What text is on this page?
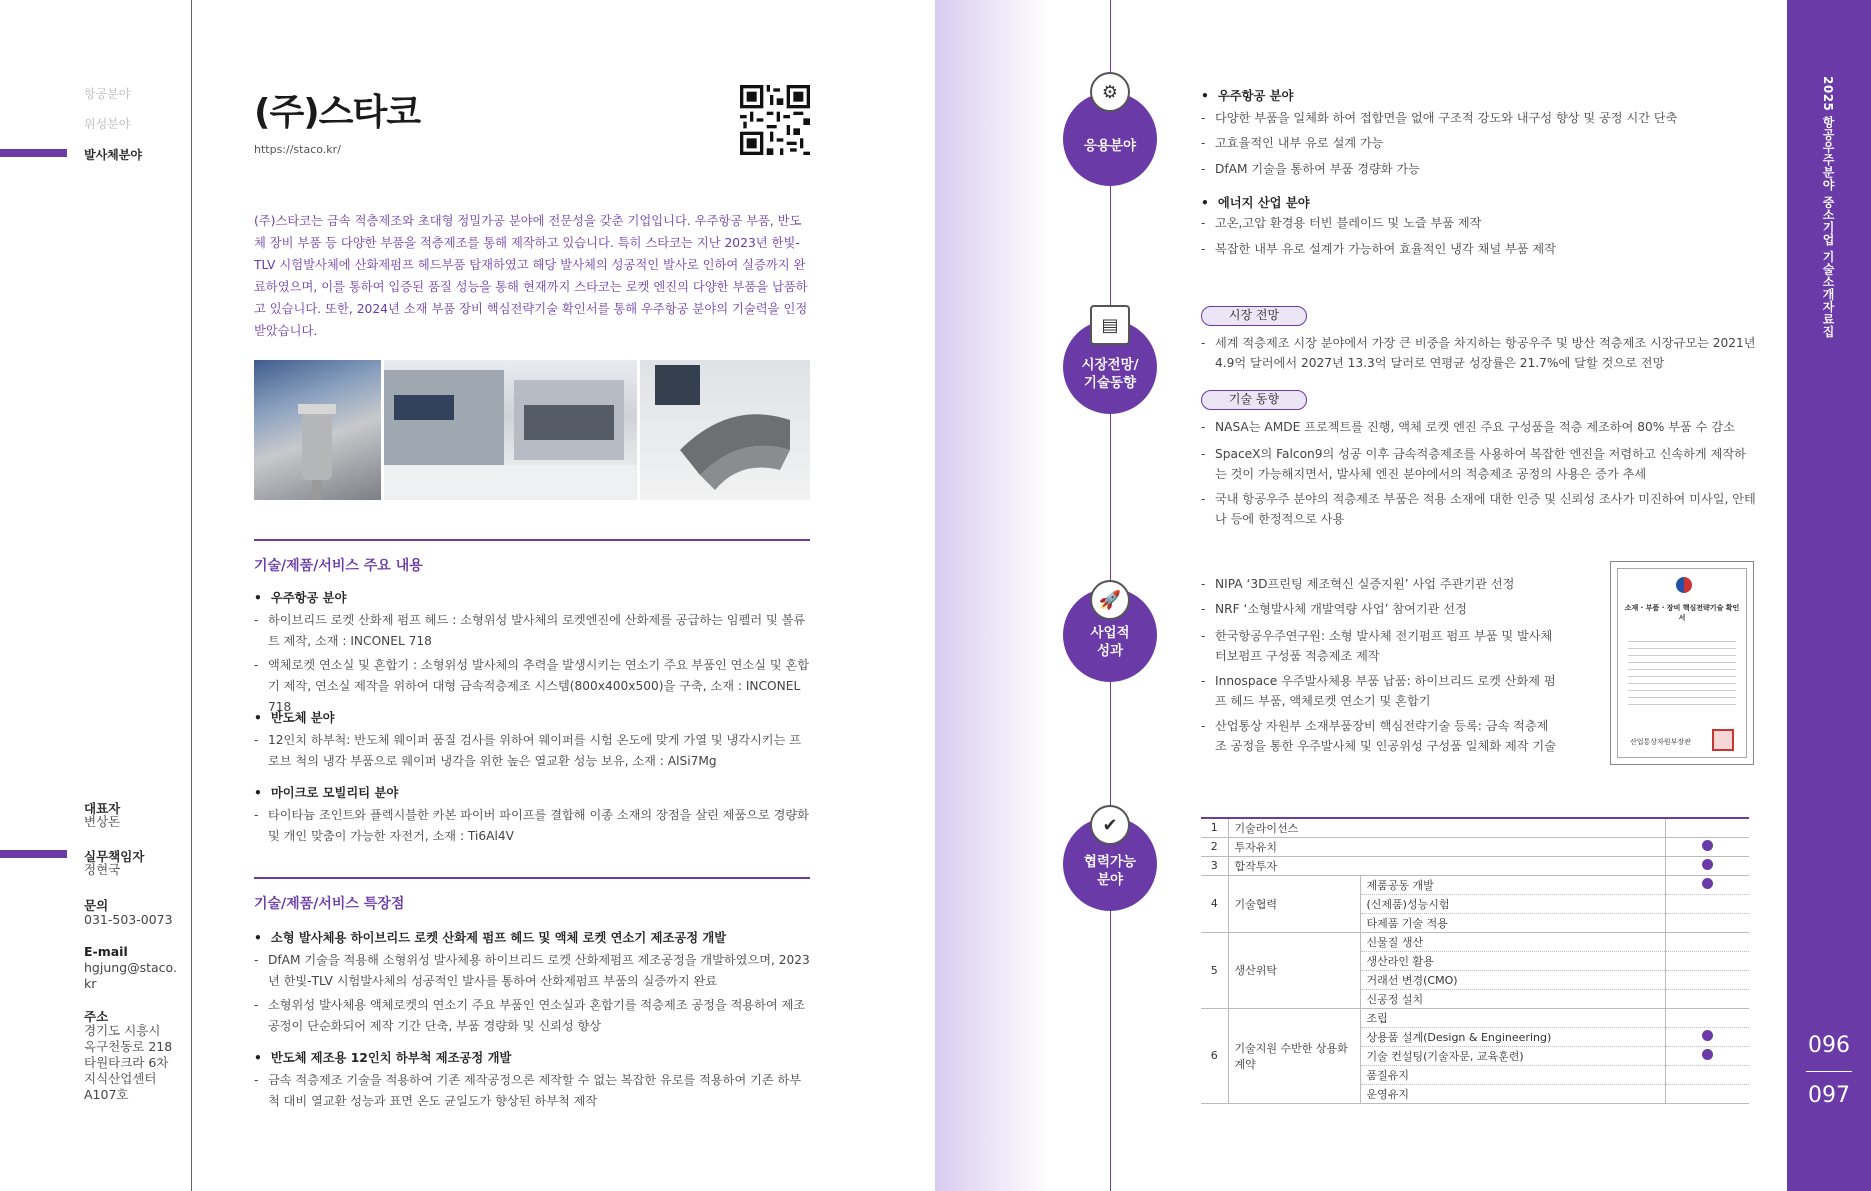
항공분야
위성분야
발사체분야
대표자
변상돈
실무책임자
정현국
문의
031-503-0073
E-mail
hgjung@staco.kr
주소
경기도 시흥시 옥구천동로 218 타원타크라 6차 지식산업센터 A107호
(주)스타코
https://staco.kr/
(주)스타코는 금속 적층제조와 초대형 정밀가공 분야에 전문성을 갖춘 기업입니다. 우주항공 부품, 반도체 장비 부품 등 다양한 부품을 적층제조를 통해 제작하고 있습니다. 특히 스타코는 지난 2023년 한빛-TLV 시험발사체에 산화제펌프 헤드부품 탑재하였고 해당 발사체의 성공적인 발사로 인하여 실증까지 완료하였으며, 이를 통하여 입증된 품질 성능을 통해 현재까지 스타코는 로켓 엔진의 다양한 부품을 납품하고 있습니다. 또한, 2024년 소재 부품 장비 핵심전략기술 확인서를 통해 우주항공 분야의 기술력을 인정받았습니다.
기술/제품/서비스 주요 내용
• 우주항공 분야
- 하이브리드 로켓 산화제 펌프 헤드 : 소형위성 발사체의 로켓엔진에 산화제를 공급하는 임펠러 및 볼류트 제작, 소재 : INCONEL 718
- 액체로켓 연소실 및 혼합기 : 소형위성 발사체의 추력을 발생시키는 연소기 주요 부품인 연소실 및 혼합기 제작, 연소실 제작을 위하여 대형 금속적층제조 시스템(800x400x500)을 구축, 소재 : INCONEL 718
• 반도체 분야
- 12인치 하부척: 반도체 웨이퍼 품질 검사를 위하여 웨이퍼를 시험 온도에 맞게 가열 및 냉각시키는 프로브 척의 냉각 부품으로 웨이퍼 냉각을 위한 높은 열교환 성능 보유, 소재 : AlSi7Mg
• 마이크로 모빌리티 분야
- 타이타늄 조인트와 플렉시블한 카본 파이버 파이프를 결합해 이종 소재의 장점을 살린 제품으로 경량화 및 개인 맞춤이 가능한 자전거, 소재 : Ti6Al4V
기술/제품/서비스 특장점
• 소형 발사체용 하이브리드 로켓 산화제 펌프 헤드 및 액체 로켓 연소기 제조공정 개발
- DfAM 기술을 적용해 소형위성 발사체용 하이브리드 로켓 산화제펌프 제조공정을 개발하였으며, 2023년 한빛-TLV 시험발사체의 성공적인 발사를 통하여 산화제펌프 부품의 실증까지 완료
- 소형위성 발사체용 액체로켓의 연소기 주요 부품인 연소실과 혼합기를 적층제조 공정을 적용하여 제조공정이 단순화되어 제작 기간 단축, 부품 경량화 및 신뢰성 향상
• 반도체 제조용 12인치 하부척 제조공정 개발
- 금속 적층제조 기술을 적용하여 기존 제작공정으론 제작할 수 없는 복잡한 유로를 적용하여 기존 하부척 대비 열교환 성능과 표면 온도 균일도가 향상된 하부척 제작
응용분야
⚙
시장전망/ 기술동향
▤
사업적 성과
🚀
협력가능 분야
✔
• 우주항공 분야
- 다양한 부품을 일체화 하여 접합면을 없애 구조적 강도와 내구성 향상 및 공정 시간 단축
- 고효율적인 내부 유로 설계 가능
- DfAM 기술을 통하여 부품 경량화 가능
• 에너지 산업 분야
- 고온,고압 환경용 터빈 블레이드 및 노즐 부품 제작
- 복잡한 내부 유로 설계가 가능하여 효율적인 냉각 채널 부품 제작
시장 전망
- 세계 적층제조 시장 분야에서 가장 큰 비중을 차지하는 항공우주 및 방산 적층제조 시장규모는 2021년 4.9억 달러에서 2027년 13.3억 달러로 연평균 성장률은 21.7%에 달할 것으로 전망
기술 동향
- NASA는 AMDE 프로젝트를 진행, 액체 로켓 엔진 주요 구성품을 적층 제조하여 80% 부품 수 감소
- SpaceX의 Falcon9의 성공 이후 금속적층제조를 사용하여 복잡한 엔진을 저렴하고 신속하게 제작하는 것이 가능해지면서, 발사체 엔진 분야에서의 적층제조 공정의 사용은 증가 추세
- 국내 항공우주 분야의 적층제조 부품은 적용 소재에 대한 인증 및 신뢰성 조사가 미진하여 미사일, 안테나 등에 한정적으로 사용
- NIPA ‘3D프린팅 제조혁신 실증지원’ 사업 주관기관 선정
- NRF ‘소형발사체 개발역량 사업’ 참여기관 선정
- 한국항공우주연구원: 소형 발사체 전기펌프 펌프 부품 및 발사체 터보펌프 구성품 적층제조 제작
- Innospace 우주발사체용 부품 납품: 하이브리드 로켓 산화제 펌프 헤드 부품, 액체로켓 연소기 및 혼합기
- 산업통상 자원부 소재부품장비 핵심전략기술 등록: 금속 적층제조 공정을 통한 우주발사체 및 인공위성 구성품 일체화 제작 기술
소재 · 부품 · 장비 핵심전략기술 확인서
산업통상자원부장관
1	기술라이선스		
2	투자유치		
3	합작투자		
4	기술협력	제품공동 개발	
		(신제품)성능시험	
		타제품 기술 적용	
5	생산위탁	신물질 생산	
		생산라인 활용	
		거래선 변경(CMO)	
		신공정 설치	
6	기술지원 수반한 상용화 계약	조립	
		상용품 설계(Design & Engineering)	
		기술 컨설팅(기술자문, 교육훈련)	
		품질유지	
		운영유지	
2025 항공우주분야 중소기업 기술소개자료집
096
097
